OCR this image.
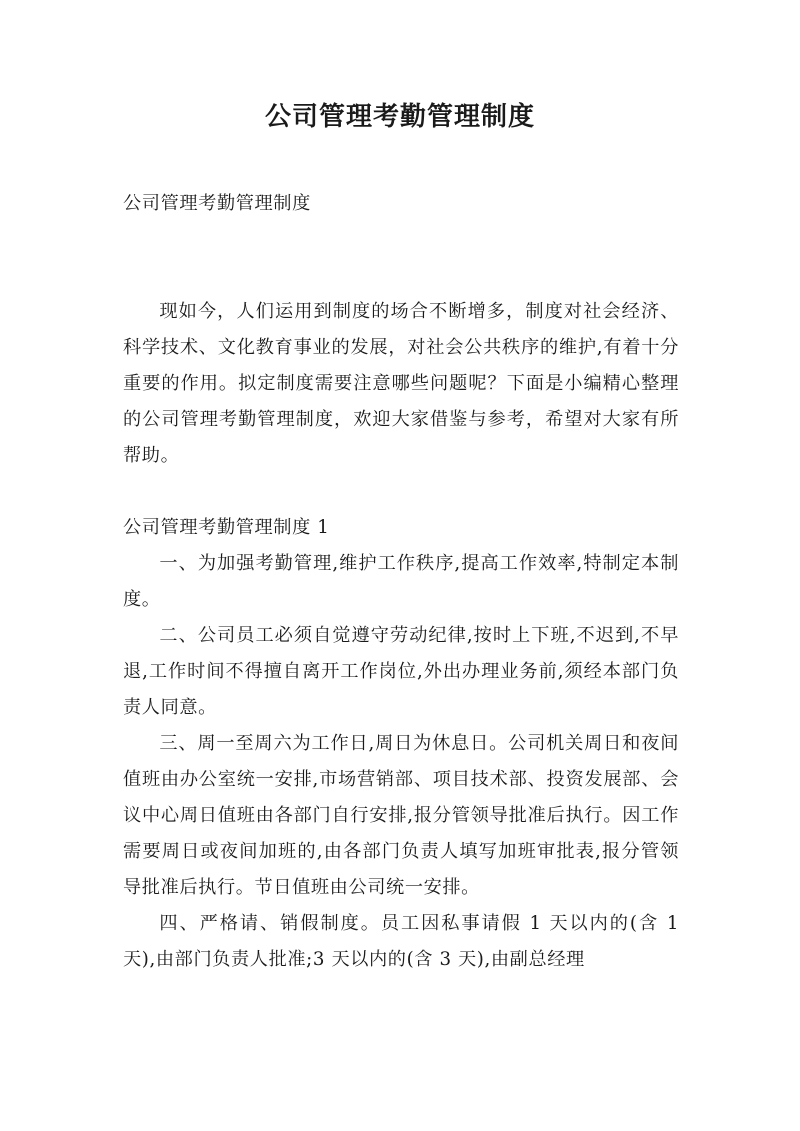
公司管理考勤管理制度

公司管理考勤管理制度

现如今，人们运用到制度的场合不断增多，制度对社会经济、科学技术、文化教育事业的发展，对社会公共秩序的维护,有着十分重要的作用。拟定制度需要注意哪些问题呢？下面是小编精心整理的公司管理考勤管理制度，欢迎大家借鉴与参考，希望对大家有所帮助。

公司管理考勤管理制度 1

一、为加强考勤管理,维护工作秩序,提高工作效率,特制定本制度。

二、公司员工必须自觉遵守劳动纪律,按时上下班,不迟到,不早退,工作时间不得擅自离开工作岗位,外出办理业务前,须经本部门负责人同意。

三、周一至周六为工作日,周日为休息日。公司机关周日和夜间值班由办公室统一安排,市场营销部、项目技术部、投资发展部、会议中心周日值班由各部门自行安排,报分管领导批准后执行。因工作需要周日或夜间加班的,由各部门负责人填写加班审批表,报分管领导批准后执行。节日值班由公司统一安排。

四、严格请、销假制度。员工因私事请假 1 天以内的(含 1 天),由部门负责人批准;3 天以内的(含 3 天),由副总经理
